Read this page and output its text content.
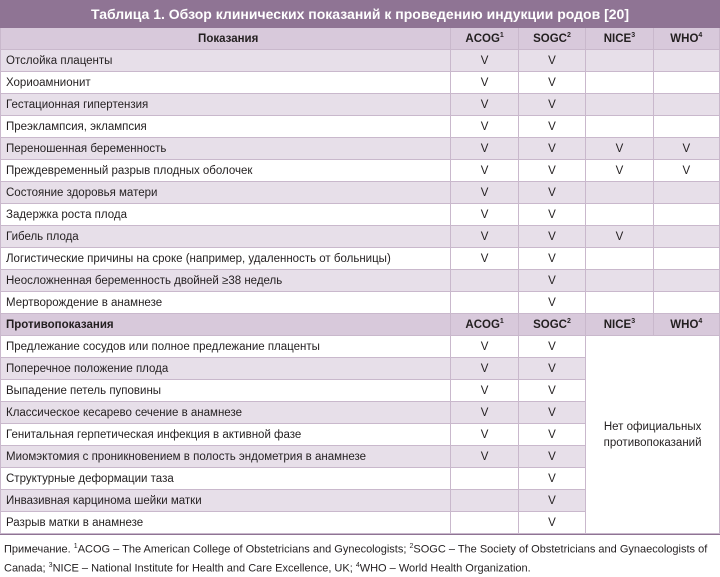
Таблица 1. Обзор клинических показаний к проведению индукции родов [20]
Показания	ACOG$^1$	SOGC$^2$	NICE$^3$	WHO$^4$
Отслойка плаценты	V	V		
Хориоамнионит	V	V		
Гестационная гипертензия	V	V		
Преэклампсия, эклампсия	V	V		
Переношенная беременность	V	V	V	V
Преждевременный разрыв плодных оболочек	V	V	V	V
Состояние здоровья матери	V	V		
Задержка роста плода	V	V		
Гибель плода	V	V	V	
Логистические причины на сроке (например, удаленность от больницы)	V	V		
Неосложненная беременность двойней ≥38 недель		V		
Мертворождение в анамнезе		V		
Противопоказания	ACOG$^1$	SOGC$^2$	NICE$^3$	WHO$^4$
Предлежание сосудов или полное предлежание плаценты	V	V	Нет официальных противопоказаний	
Поперечное положение плода	V	V		
Выпадение петель пуповины	V	V		
Классическое кесарево сечение в анамнезе	V	V		
Генитальная герпетическая инфекция в активной фазе	V	V		
Миомэктомия с проникновением в полость эндометрия в анамнезе	V	V		
Структурные деформации таза		V		
Инвазивная карцинома шейки матки		V		
Разрыв матки в анамнезе		V		
Примечание. $^1$ACOG – The American College of Obstetricians and Gynecologists; $^2$SOGC – The Society of Obstetricians and Gynaecologists of Canada; $^3$NICE – National Institute for Health and Care Excellence, UK; $^4$WHO – World Health Organization.
